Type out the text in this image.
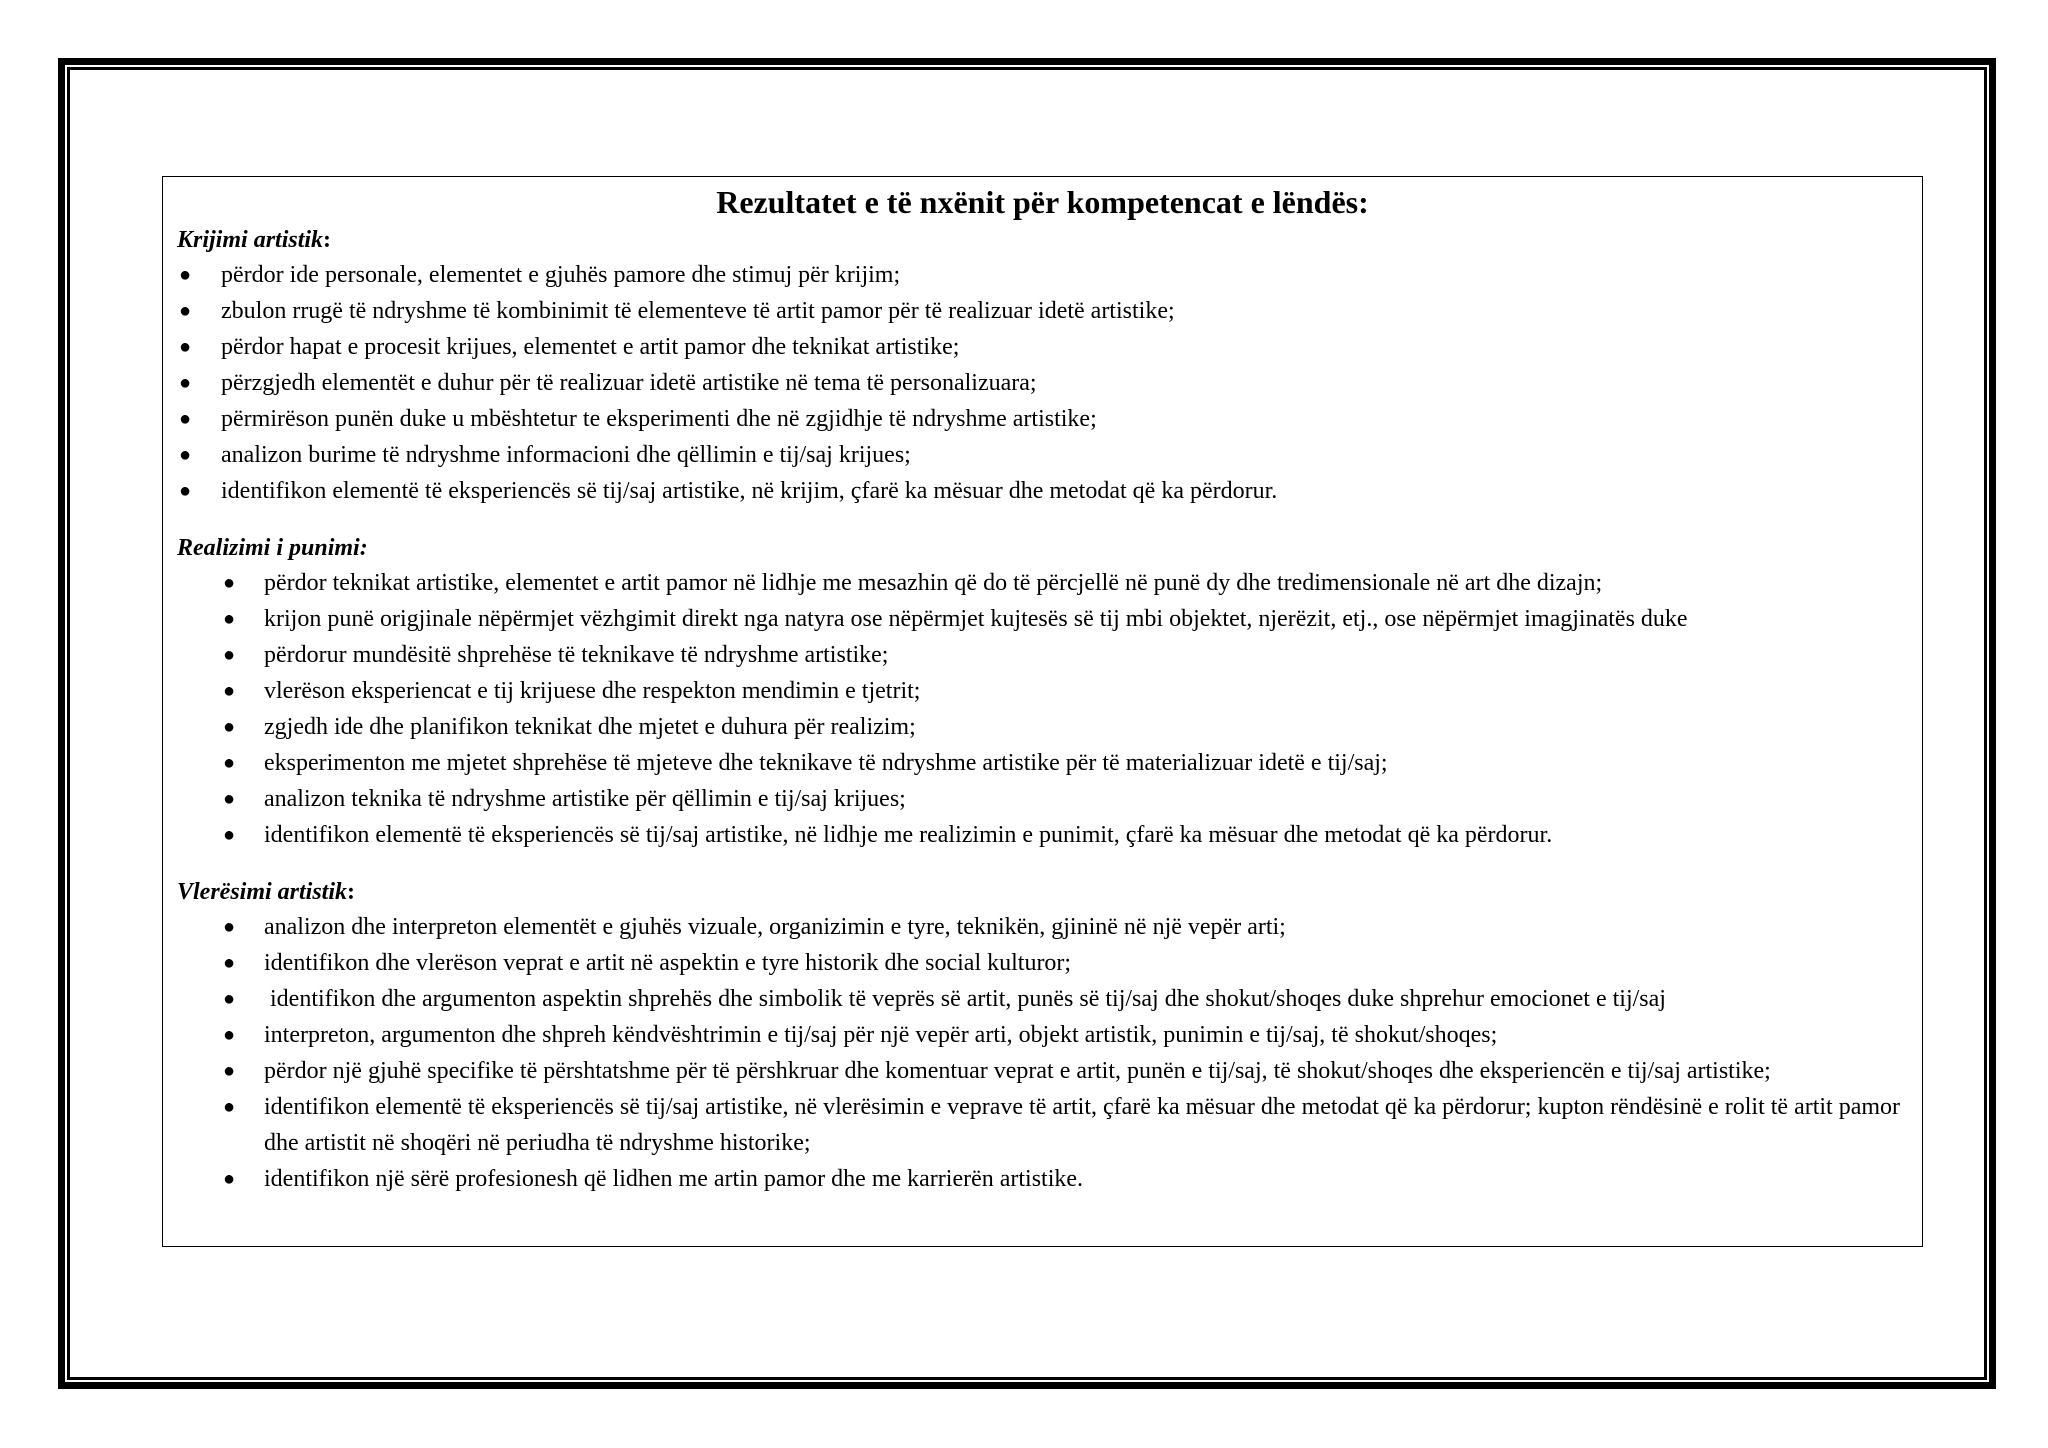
Rezultatet e të nxënit për kompetencat e lëndës:

Krijimi artistik:

● përdor ide personale, elementet e gjuhës pamore dhe stimuj për krijim;
● zbulon rrugë të ndryshme të kombinimit të elementeve të artit pamor për të realizuar idetë artistike;
● përdor hapat e procesit krijues, elementet e artit pamor dhe teknikat artistike;
● përzgjedh elementët e duhur për të realizuar idetë artistike në tema të personalizuara;
● përmirëson punën duke u mbështetur te eksperimenti dhe në zgjidhje të ndryshme artistike;
● analizon burime të ndryshme informacioni dhe qëllimin e tij/saj krijues;
● identifikon elementë të eksperiencës së tij/saj artistike, në krijim, çfarë ka mësuar dhe metodat që ka përdorur.

Realizimi i punimi:

● përdor teknikat artistike, elementet e artit pamor në lidhje me mesazhin që do të përcjellë në punë dy dhe tredimensionale në art dhe dizajn;
● krijon punë origjinale nëpërmjet vëzhgimit direkt nga natyra ose nëpërmjet kujtesës së tij mbi objektet, njerëzit, etj., ose nëpërmjet imagjinatës duke
● përdorur mundësitë shprehëse të teknikave të ndryshme artistike;
● vlerëson eksperiencat e tij krijuese dhe respekton mendimin e tjetrit;
● zgjedh ide dhe planifikon teknikat dhe mjetet e duhura për realizim;
● eksperimenton me mjetet shprehëse të mjeteve dhe teknikave të ndryshme artistike për të materializuar idetë e tij/saj;
● analizon teknika të ndryshme artistike për qëllimin e tij/saj krijues;
● identifikon elementë të eksperiencës së tij/saj artistike, në lidhje me realizimin e punimit, çfarë ka mësuar dhe metodat që ka përdorur.

Vlerësimi artistik:

● analizon dhe interpreton elementët e gjuhës vizuale, organizimin e tyre, teknikën, gjininë në një vepër arti;
● identifikon dhe vlerëson veprat e artit në aspektin e tyre historik dhe social kulturor;
● identifikon dhe argumenton aspektin shprehës dhe simbolik të veprës së artit, punës së tij/saj dhe shokut/shoqes duke shprehur emocionet e tij/saj
● interpreton, argumenton dhe shpreh këndvështrimin e tij/saj për një vepër arti, objekt artistik, punimin e tij/saj, të shokut/shoqes;
● përdor një gjuhë specifike të përshtatshme për të përshkruar dhe komentuar veprat e artit, punën e tij/saj, të shokut/shoqes dhe eksperiencën e tij/saj artistike;
● identifikon elementë të eksperiencës së tij/saj artistike, në vlerësimin e veprave të artit, çfarë ka mësuar dhe metodat që ka përdorur; kupton rëndësinë e rolit të artit pamor dhe artistit në shoqëri në periudha të ndryshme historike;
● identifikon një sërë profesionesh që lidhen me artin pamor dhe me karrierën artistike.
